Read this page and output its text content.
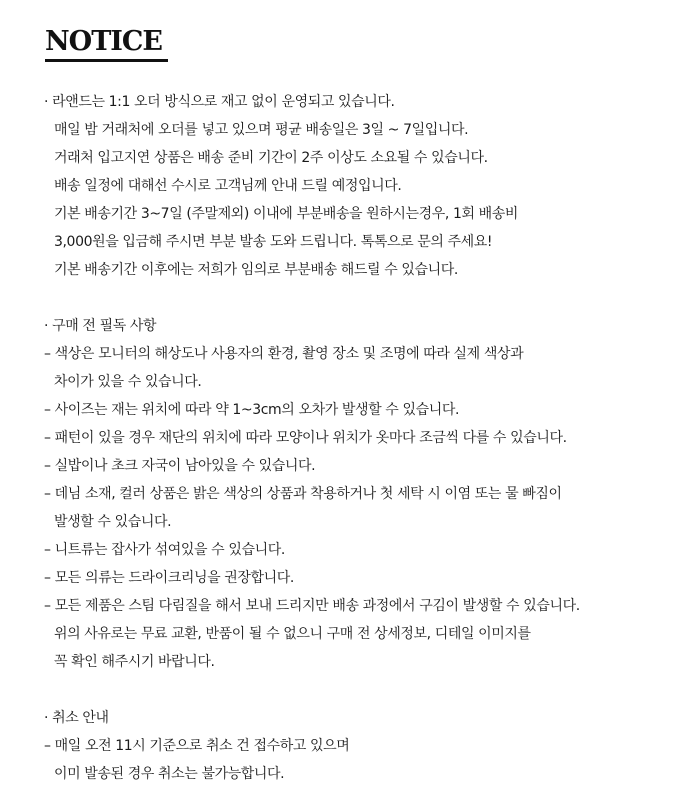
NOTICE
· 라앤드는 1:1 오더 방식으로 재고 없이 운영되고 있습니다.
매일 밤 거래처에 오더를 넣고 있으며 평균 배송일은 3일 ~ 7일입니다.
거래처 입고지연 상품은 배송 준비 기간이 2주 이상도 소요될 수 있습니다.
배송 일정에 대해선 수시로 고객님께 안내 드릴 예정입니다.
기본 배송기간 3~7일 (주말제외) 이내에 부분배송을 원하시는경우, 1회 배송비
3,000원을 입금해 주시면 부분 발송 도와 드립니다. 톡톡으로 문의 주세요!
기본 배송기간 이후에는 저희가 임의로 부분배송 해드릴 수 있습니다.
· 구매 전 필독 사항
– 색상은 모니터의 해상도나 사용자의 환경, 촬영 장소 및 조명에 따라 실제 색상과
차이가 있을 수 있습니다.
– 사이즈는 재는 위치에 따라 약 1~3cm의 오차가 발생할 수 있습니다.
– 패턴이 있을 경우 재단의 위치에 따라 모양이나 위치가 옷마다 조금씩 다를 수 있습니다.
– 실밥이나 초크 자국이 남아있을 수 있습니다.
– 데님 소재, 컬러 상품은 밝은 색상의 상품과 착용하거나 첫 세탁 시 이염 또는 물 빠짐이
발생할 수 있습니다.
– 니트류는 잡사가 섞여있을 수 있습니다.
– 모든 의류는 드라이크리닝을 권장합니다.
– 모든 제품은 스팀 다림질을 해서 보내 드리지만 배송 과정에서 구김이 발생할 수 있습니다.
위의 사유로는 무료 교환, 반품이 될 수 없으니 구매 전 상세정보, 디테일 이미지를
꼭 확인 해주시기 바랍니다.
· 취소 안내
– 매일 오전 11시 기준으로 취소 건 접수하고 있으며
이미 발송된 경우 취소는 불가능합니다.
